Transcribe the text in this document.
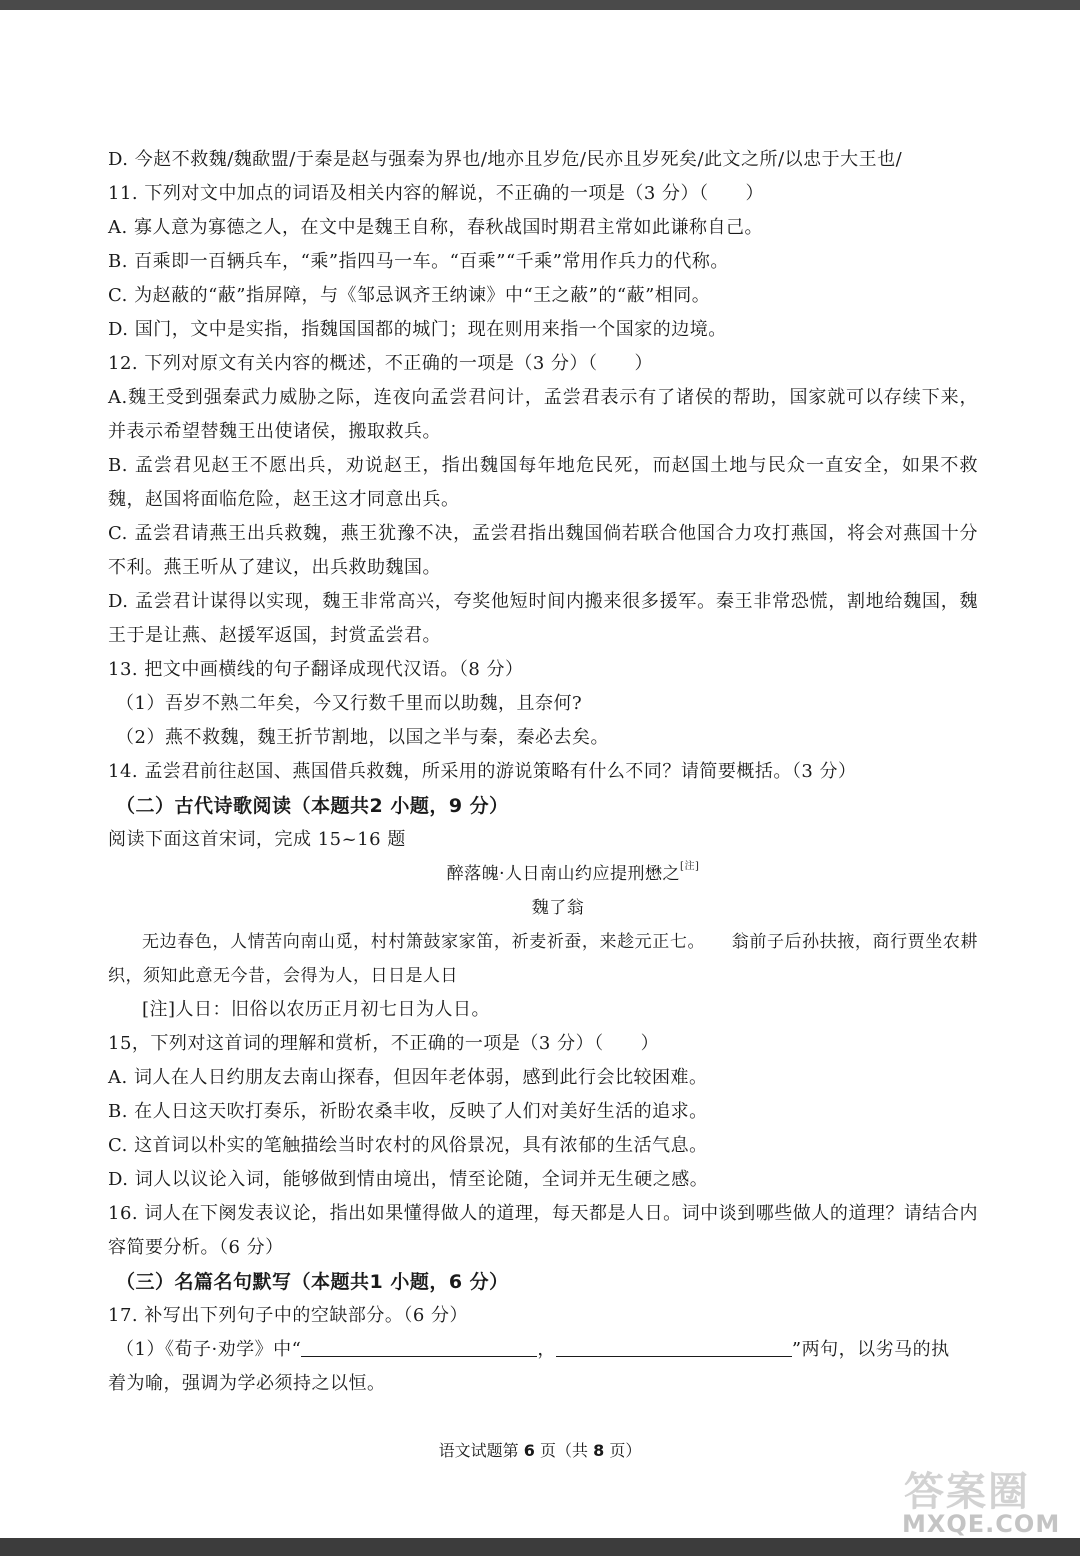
D. 今赵不救魏/魏歃盟/于秦是赵与强秦为界也/地亦且岁危/民亦且岁死矣/此文之所/以忠于大王也/
11. 下列对文中加点的词语及相关内容的解说，不正确的一项是（3 分）（　　）
A. 寡人意为寡德之人，在文中是魏王自称，春秋战国时期君主常如此谦称自己。
B. 百乘即一百辆兵车，“乘”指四马一车。“百乘”“千乘”常用作兵力的代称。
C. 为赵蔽的“蔽”指屏障，与《邹忌讽齐王纳谏》中“王之蔽”的“蔽”相同。
D. 国门，文中是实指，指魏国国都的城门；现在则用来指一个国家的边境。
12. 下列对原文有关内容的概述，不正确的一项是（3 分）（　　）
A.魏王受到强秦武力威胁之际，连夜向孟尝君问计，孟尝君表示有了诸侯的帮助，国家就可以存续下来，并表示希望替魏王出使诸侯，搬取救兵。
B. 孟尝君见赵王不愿出兵，劝说赵王，指出魏国每年地危民死，而赵国土地与民众一直安全，如果不救魏，赵国将面临危险，赵王这才同意出兵。
C. 孟尝君请燕王出兵救魏，燕王犹豫不决，孟尝君指出魏国倘若联合他国合力攻打燕国，将会对燕国十分不利。燕王听从了建议，出兵救助魏国。
D. 孟尝君计谋得以实现，魏王非常高兴，夸奖他短时间内搬来很多援军。秦王非常恐慌，割地给魏国，魏王于是让燕、赵援军返国，封赏孟尝君。
13. 把文中画横线的句子翻译成现代汉语。（8 分）
（1）吾岁不熟二年矣，今又行数千里而以助魏，且奈何?
（2）燕不救魏，魏王折节割地，以国之半与秦，秦必去矣。
14. 孟尝君前往赵国、燕国借兵救魏，所采用的游说策略有什么不同？请简要概括。（3 分）
（二）古代诗歌阅读（本题共2 小题，9 分）
阅读下面这首宋词，完成 15~16 题
醉落魄·人日南山约应提刑懋之[注]
魏了翁
无边春色，人情苦向南山觅，村村箫鼓家家笛，祈麦祈蚕，来趁元正七。　　翁前子后孙扶掖，商行贾坐农耕织，须知此意无今昔，会得为人，日日是人日
[注]人日：旧俗以农历正月初七日为人日。
15，下列对这首词的理解和赏析，不正确的一项是（3 分）（　　）
A. 词人在人日约朋友去南山探春，但因年老体弱，感到此行会比较困难。
B. 在人日这天吹打奏乐，祈盼农桑丰收，反映了人们对美好生活的追求。
C. 这首词以朴实的笔触描绘当时农村的风俗景况，具有浓郁的生活气息。
D. 词人以议论入词，能够做到情由境出，情至论随，全词并无生硬之感。
16. 词人在下阕发表议论，指出如果懂得做人的道理，每天都是人日。词中谈到哪些做人的道理？请结合内容简要分析。（6 分）
（三）名篇名句默写（本题共1 小题，6 分）
17. 补写出下列句子中的空缺部分。（6 分）
（1）《荀子·劝学》中“	，	”两句，以劣马的执
着为喻，强调为学必须持之以恒。
语文试题第 6 页（共 8 页）
答案圈
MXQE.COM
